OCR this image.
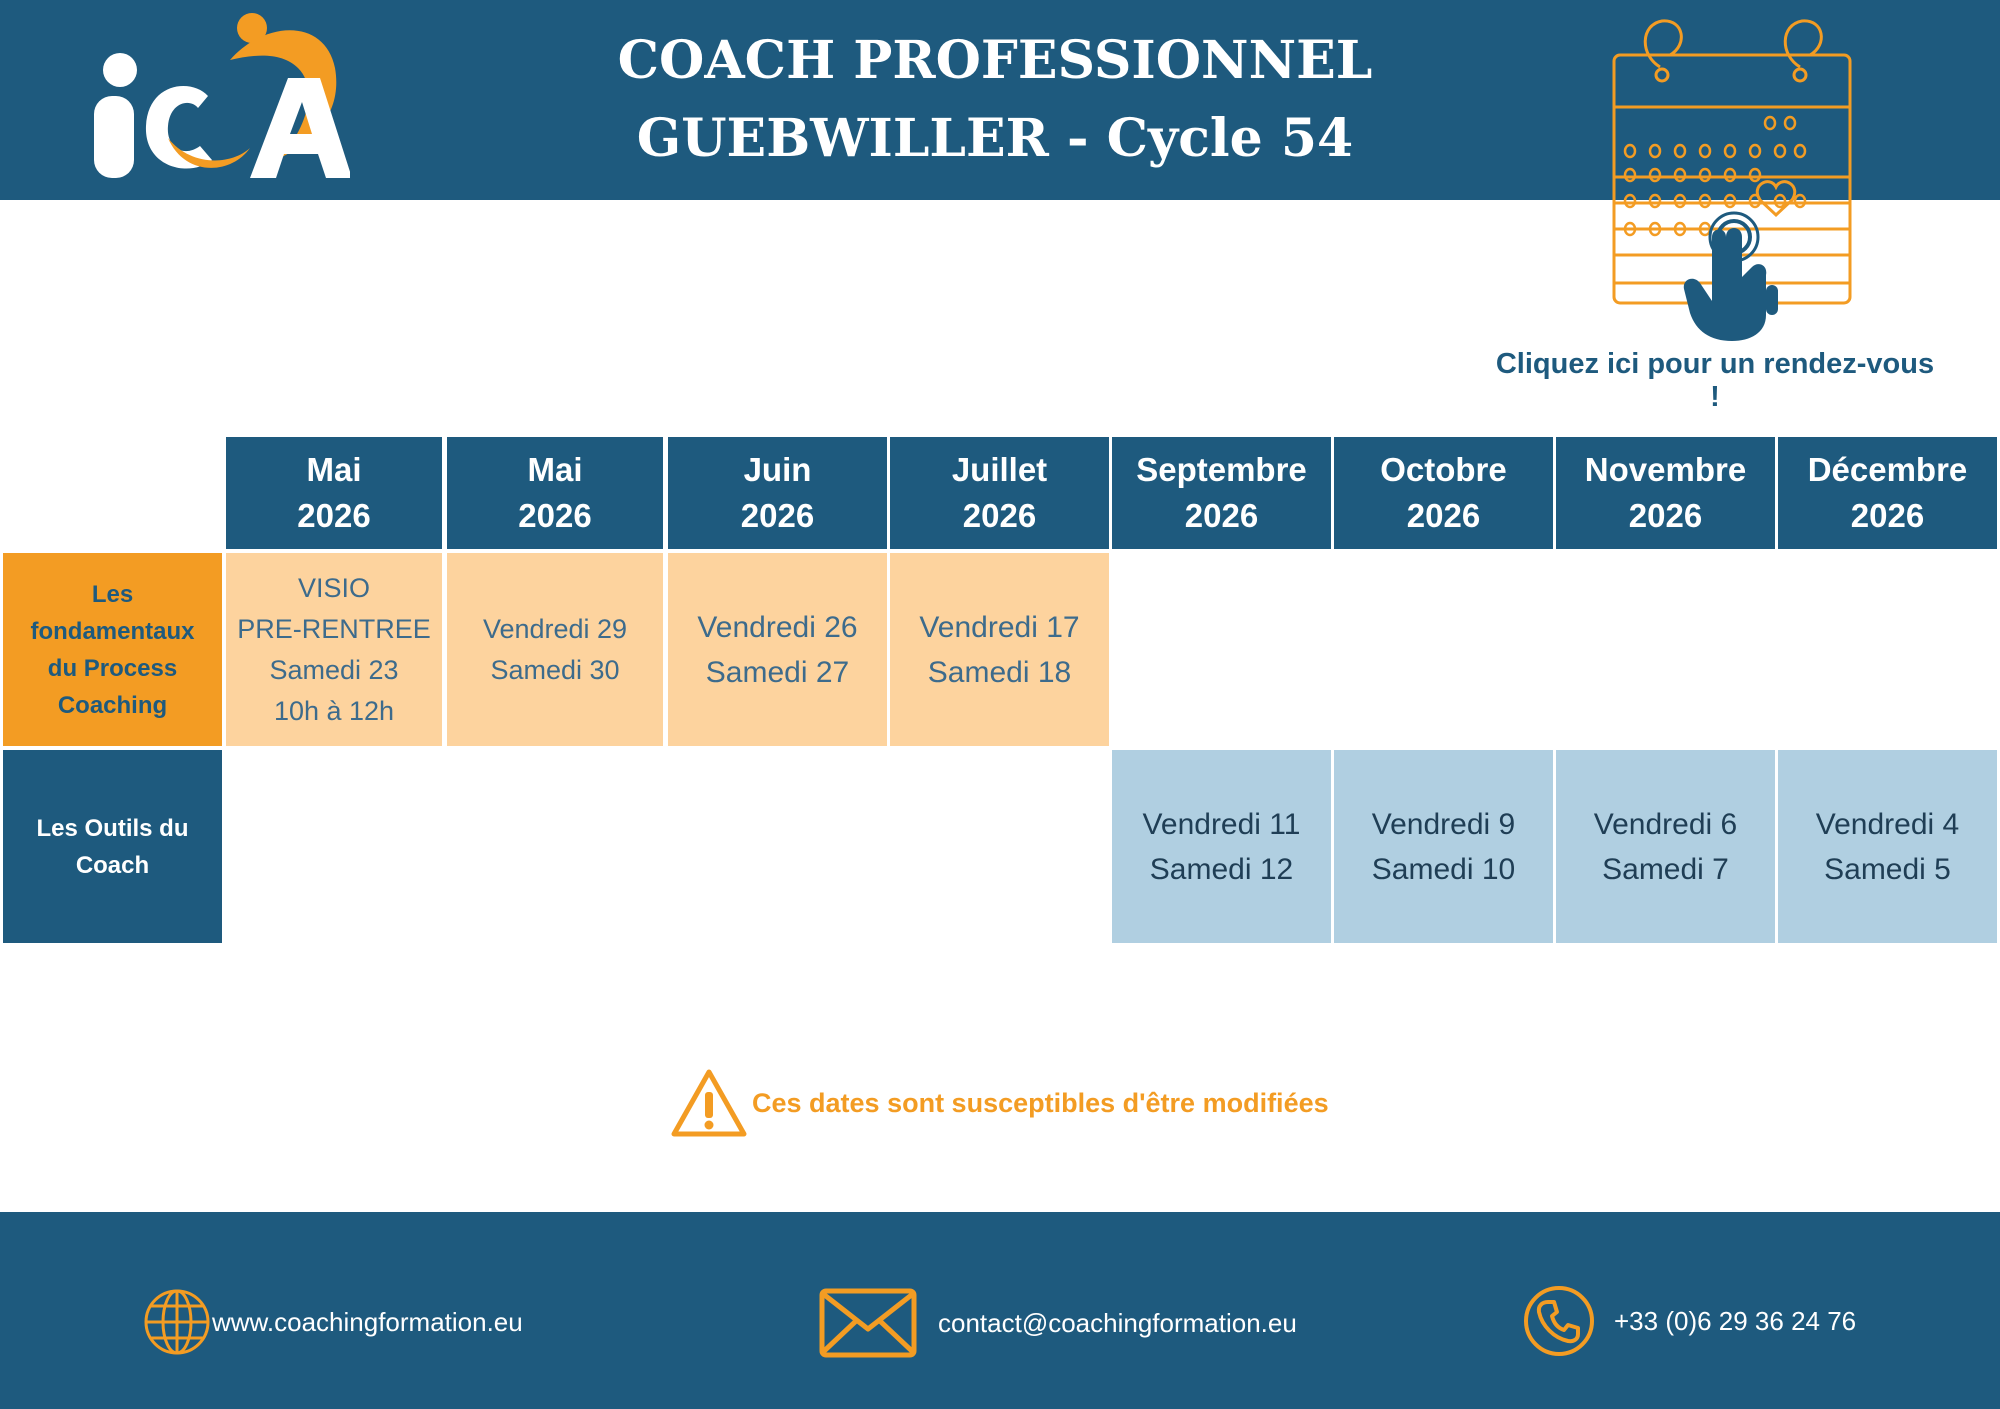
COACH PROFESSIONNEL
GUEBWILLER - Cycle 54
Cliquez ici pour un rendez-vous !
Mai
2026
Mai
2026
Juin
2026
Juillet
2026
Septembre
2026
Octobre
2026
Novembre
2026
Décembre
2026
Les fondamentaux du Process Coaching
VISIO
PRE-RENTREE
Samedi 23
10h à 12h
Vendredi 29
Samedi 30
Vendredi 26
Samedi 27
Vendredi 17
Samedi 18
Les Outils du Coach
Vendredi 11
Samedi 12
Vendredi 9
Samedi 10
Vendredi 6
Samedi 7
Vendredi 4
Samedi 5
Ces dates sont susceptibles d'être modifiées
www.coachingformation.eu	contact@coachingformation.eu	+33 (0)6 29 36 24 76
